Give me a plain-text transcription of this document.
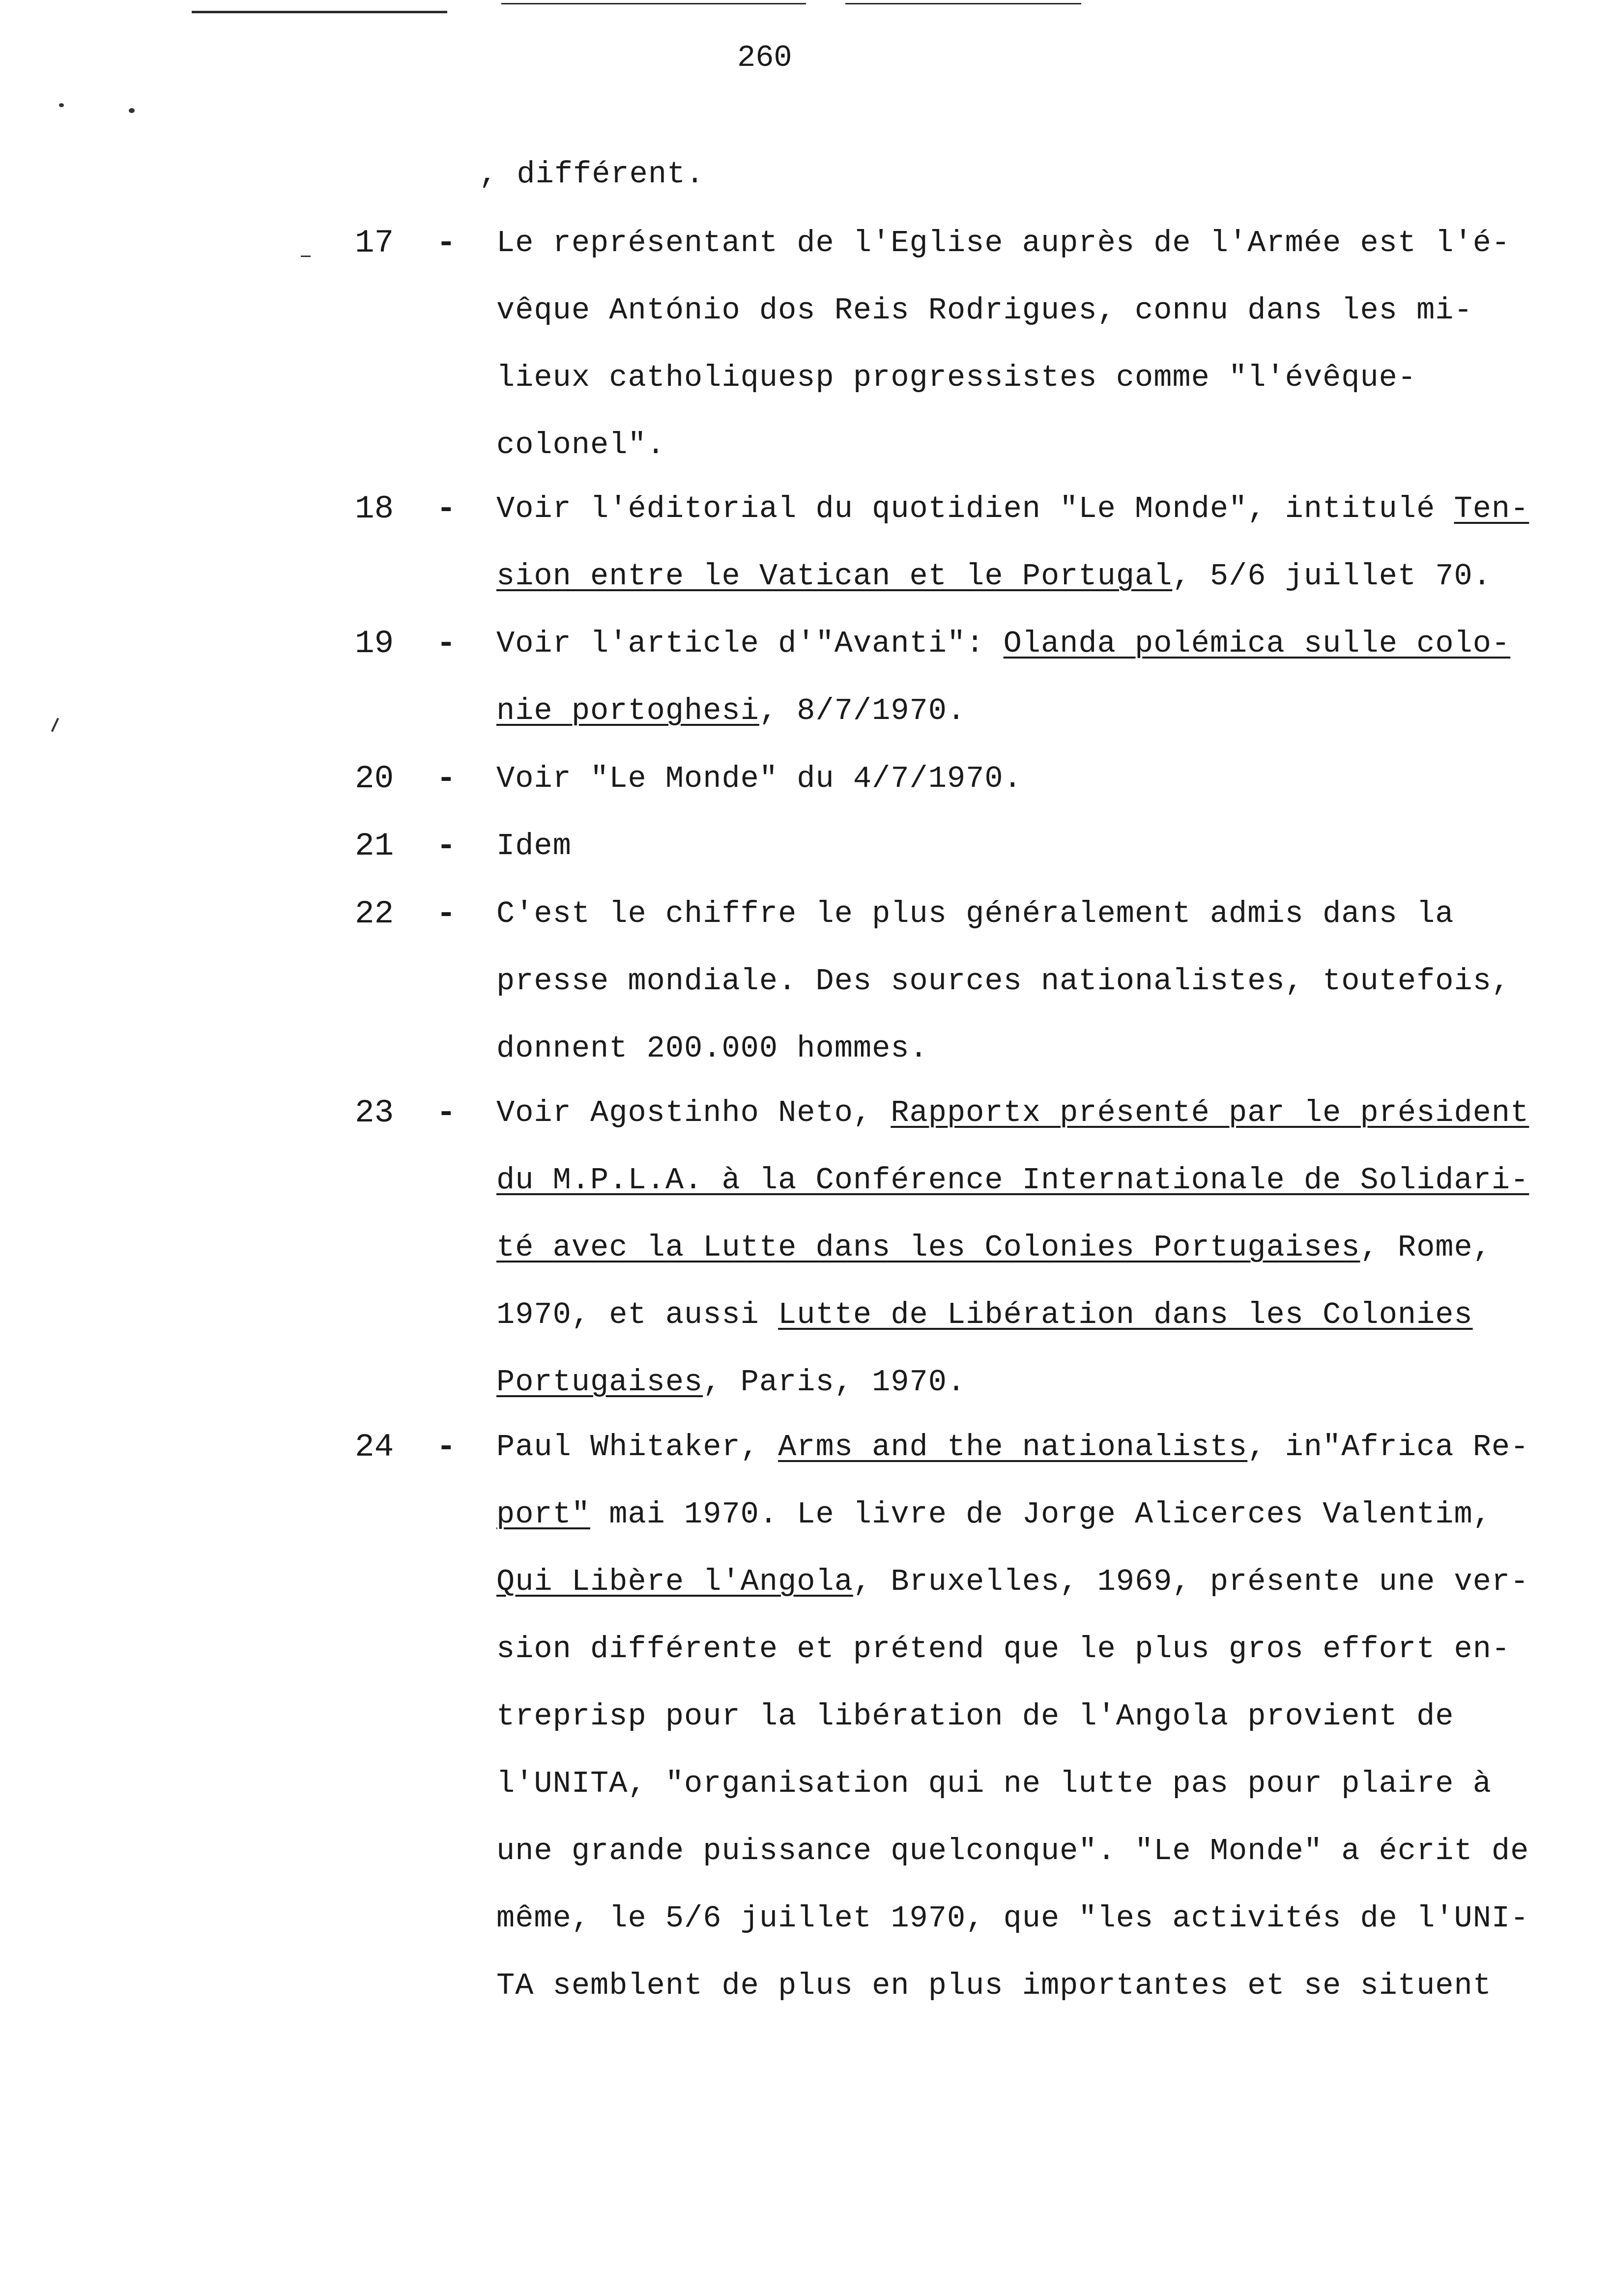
260
, différent.
17 - Le représentant de l'Eglise auprès de l'Armée est l'é-
vêque António dos Reis Rodrigues, connu dans les mi-
lieux catholiquesp progressistes comme "l'évêque-
colonel".
18 - Voir l'éditorial du quotidien "Le Monde", intitulé Ten-
sion entre le Vatican et le Portugal, 5/6 juillet 70.
19 - Voir l'article d'"Avanti": Olanda polémica sulle colo-
nie portoghesi, 8/7/1970.
20 - Voir "Le Monde" du 4/7/1970.
21 - Idem
22 - C'est le chiffre le plus généralement admis dans la
presse mondiale. Des sources nationalistes, toutefois,
donnent 200.000 hommes.
23 - Voir Agostinho Neto, Rapportx présenté par le président
du M.P.L.A. à la Conférence Internationale de Solidari-
té avec la Lutte dans les Colonies Portugaises, Rome,
1970, et aussi Lutte de Libération dans les Colonies
Portugaises, Paris, 1970.
24 - Paul Whitaker, Arms and the nationalists, in"Africa Re-
port" mai 1970. Le livre de Jorge Alicerces Valentim,
Qui Libère l'Angola, Bruxelles, 1969, présente une ver-
sion différente et prétend que le plus gros effort en-
treprisp pour la libération de l'Angola provient de
l'UNITA, "organisation qui ne lutte pas pour plaire à
une grande puissance quelconque". "Le Monde" a écrit de
même, le 5/6 juillet 1970, que "les activités de l'UNI-
TA semblent de plus en plus importantes et se situent
